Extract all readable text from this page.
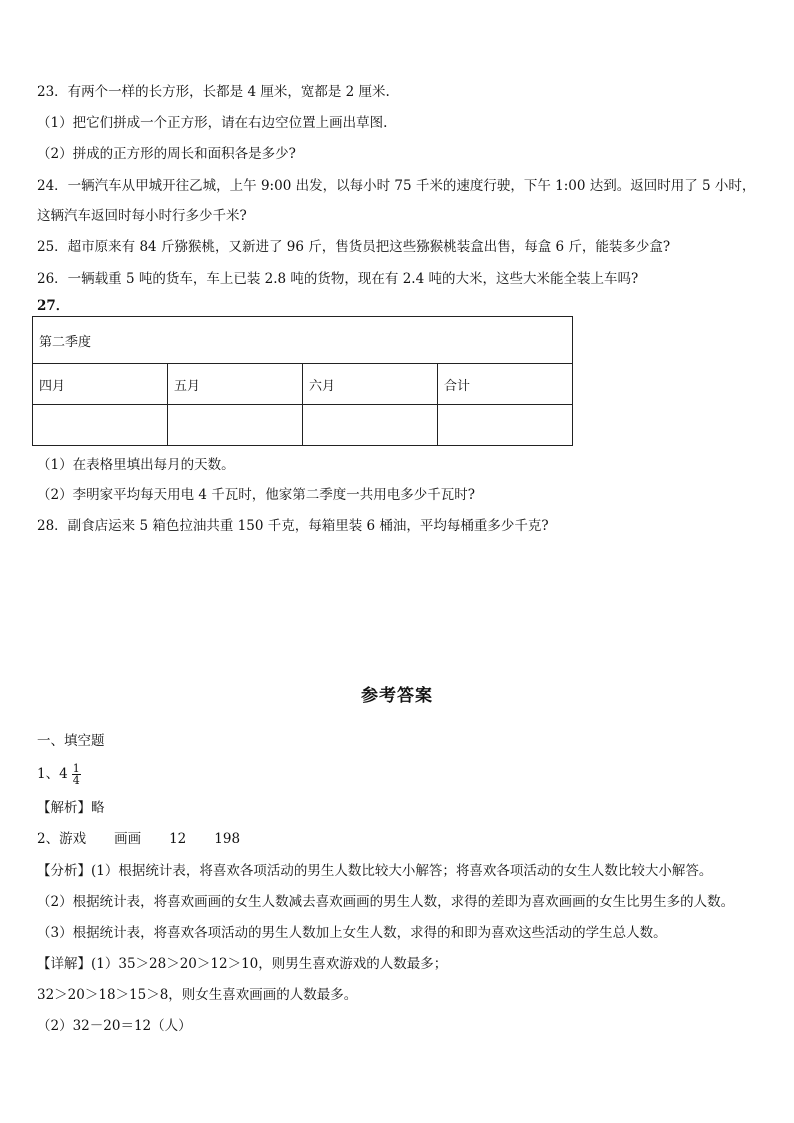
23．有两个一样的长方形，长都是 4 厘米，宽都是 2 厘米.
（1）把它们拼成一个正方形，请在右边空位置上画出草图.
（2）拼成的正方形的周长和面积各是多少?
24．一辆汽车从甲城开往乙城，上午 9:00 出发，以每小时 75 千米的速度行驶，下午 1:00 达到。返回时用了 5 小时，
这辆汽车返回时每小时行多少千米?
25．超市原来有 84 斤猕猴桃，又新进了 96 斤，售货员把这些猕猴桃装盒出售，每盒 6 斤，能装多少盒?
26．一辆载重 5 吨的货车，车上已装 2.8 吨的货物，现在有 2.4 吨的大米，这些大米能全装上车吗?
27．
第二季度			
四月	五月	六月	合计

（1）在表格里填出每月的天数。
（2）李明家平均每天用电 4 千瓦时，他家第二季度一共用电多少千瓦时?
28．副食店运来 5 箱色拉油共重 150 千克，每箱里装 6 桶油，平均每桶重多少千克?
参考答案
一、填空题
1、$4 \frac{1}{4}$
【解析】略
2、游戏 画画 12 198
【分析】(1）根据统计表，将喜欢各项活动的男生人数比较大小解答；将喜欢各项活动的女生人数比较大小解答。
（2）根据统计表，将喜欢画画的女生人数减去喜欢画画的男生人数，求得的差即为喜欢画画的女生比男生多的人数。
（3）根据统计表，将喜欢各项活动的男生人数加上女生人数，求得的和即为喜欢这些活动的学生总人数。
【详解】(1）35＞28＞20＞12＞10，则男生喜欢游戏的人数最多；
32＞20＞18＞15＞8，则女生喜欢画画的人数最多。
（2）32－20＝12（人）
